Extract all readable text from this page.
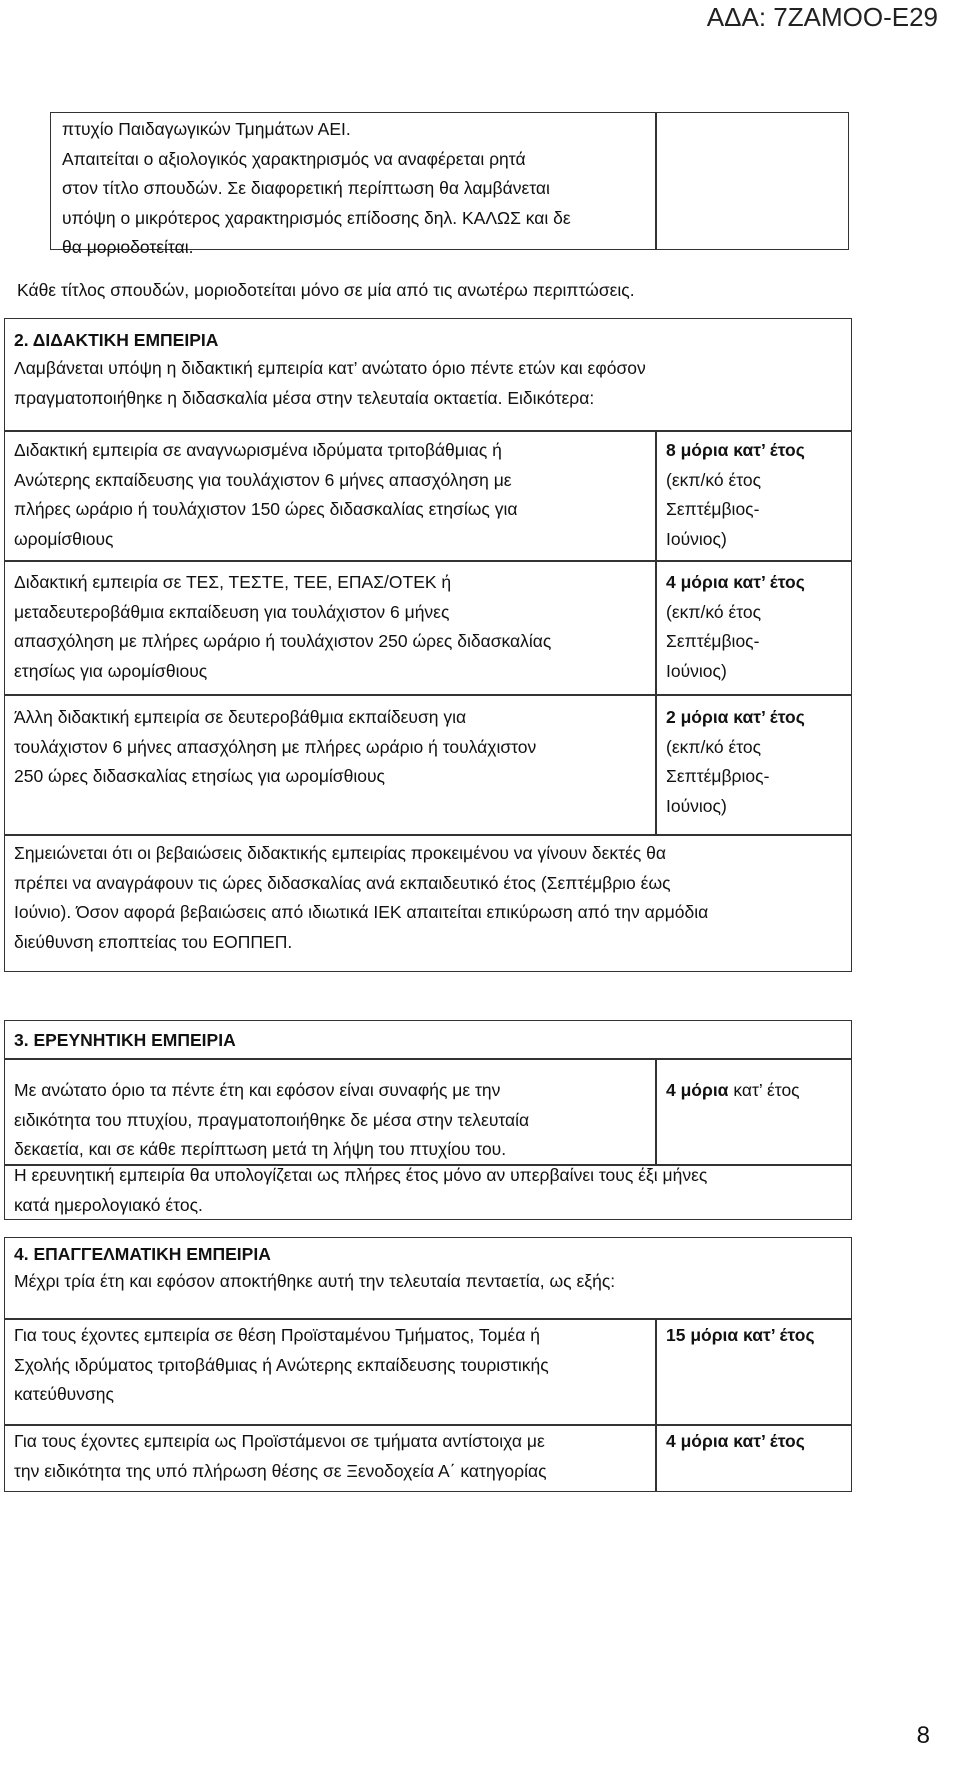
ΑΔΑ: 7ΖΑΜΟΟ-Ε29
πτυχίο Παιδαγωγικών Τμημάτων ΑΕΙ.
Απαιτείται ο αξιολογικός χαρακτηρισμός να αναφέρεται ρητά
στον τίτλο σπουδών. Σε διαφορετική περίπτωση θα λαμβάνεται
υπόψη ο μικρότερος χαρακτηρισμός επίδοσης δηλ. ΚΑΛΩΣ και δε
θα μοριοδοτείται.
Κάθε τίτλος σπουδών, μοριοδοτείται μόνο σε μία από τις ανωτέρω περιπτώσεις.
2. ΔΙΔΑΚΤΙΚΗ ΕΜΠΕΙΡΙΑ
Λαμβάνεται υπόψη η διδακτική εμπειρία κατ’ ανώτατο όριο πέντε ετών και εφόσον
πραγματοποιήθηκε η διδασκαλία μέσα στην τελευταία οκταετία. Ειδικότερα:
Διδακτική εμπειρία σε αναγνωρισμένα ιδρύματα τριτοβάθμιας ή
Ανώτερης εκπαίδευσης για τουλάχιστον 6 μήνες απασχόληση με
πλήρες ωράριο ή τουλάχιστον 150 ώρες διδασκαλίας ετησίως για
ωρομίσθιους
8 μόρια κατ’ έτος
(εκπ/κό έτος
Σεπτέμβιος-
Ιούνιος)
Διδακτική εμπειρία σε ΤΕΣ, ΤΕΣΤΕ, ΤΕΕ, ΕΠΑΣ/ΟΤΕΚ ή
μεταδευτεροβάθμια εκπαίδευση για τουλάχιστον 6 μήνες
απασχόληση με πλήρες ωράριο ή τουλάχιστον 250 ώρες διδασκαλίας
ετησίως για ωρομίσθιους
4 μόρια κατ’ έτος
(εκπ/κό έτος
Σεπτέμβιος-
Ιούνιος)
Άλλη διδακτική εμπειρία σε δευτεροβάθμια εκπαίδευση για
τουλάχιστον 6 μήνες απασχόληση με πλήρες ωράριο ή τουλάχιστον
250 ώρες διδασκαλίας ετησίως για ωρομίσθιους
2 μόρια κατ’ έτος
(εκπ/κό έτος
Σεπτέμβριος-
Ιούνιος)
Σημειώνεται ότι οι βεβαιώσεις διδακτικής εμπειρίας προκειμένου να γίνουν δεκτές θα
πρέπει να αναγράφουν τις ώρες διδασκαλίας ανά εκπαιδευτικό έτος (Σεπτέμβριο έως
Ιούνιο). Όσον αφορά βεβαιώσεις από ιδιωτικά ΙΕΚ απαιτείται επικύρωση από την αρμόδια
διεύθυνση εποπτείας του ΕΟΠΠΕΠ.
3. ΕΡΕΥΝΗΤΙΚΗ ΕΜΠΕΙΡΙΑ
Με ανώτατο όριο τα πέντε έτη και εφόσον είναι συναφής με την
ειδικότητα του πτυχίου, πραγματοποιήθηκε δε μέσα στην τελευταία
δεκαετία, και σε κάθε περίπτωση μετά τη λήψη του πτυχίου του.
4 μόρια κατ’ έτος
Η ερευνητική εμπειρία θα υπολογίζεται ως πλήρες έτος μόνο αν υπερβαίνει τους έξι μήνες
κατά ημερολογιακό έτος.
4. ΕΠΑΓΓΕΛΜΑΤΙΚΗ ΕΜΠΕΙΡΙΑ
Μέχρι τρία έτη και εφόσον αποκτήθηκε αυτή την τελευταία πενταετία, ως εξής:
Για τους έχοντες εμπειρία σε θέση Προϊσταμένου Τμήματος, Τομέα ή
Σχολής ιδρύματος τριτοβάθμιας ή Ανώτερης εκπαίδευσης τουριστικής
κατεύθυνσης
15 μόρια κατ’ έτος
Για τους έχοντες εμπειρία ως Προϊστάμενοι σε τμήματα αντίστοιχα με
την ειδικότητα της υπό πλήρωση θέσης σε Ξενοδοχεία Α΄ κατηγορίας
4 μόρια κατ’ έτος
8
